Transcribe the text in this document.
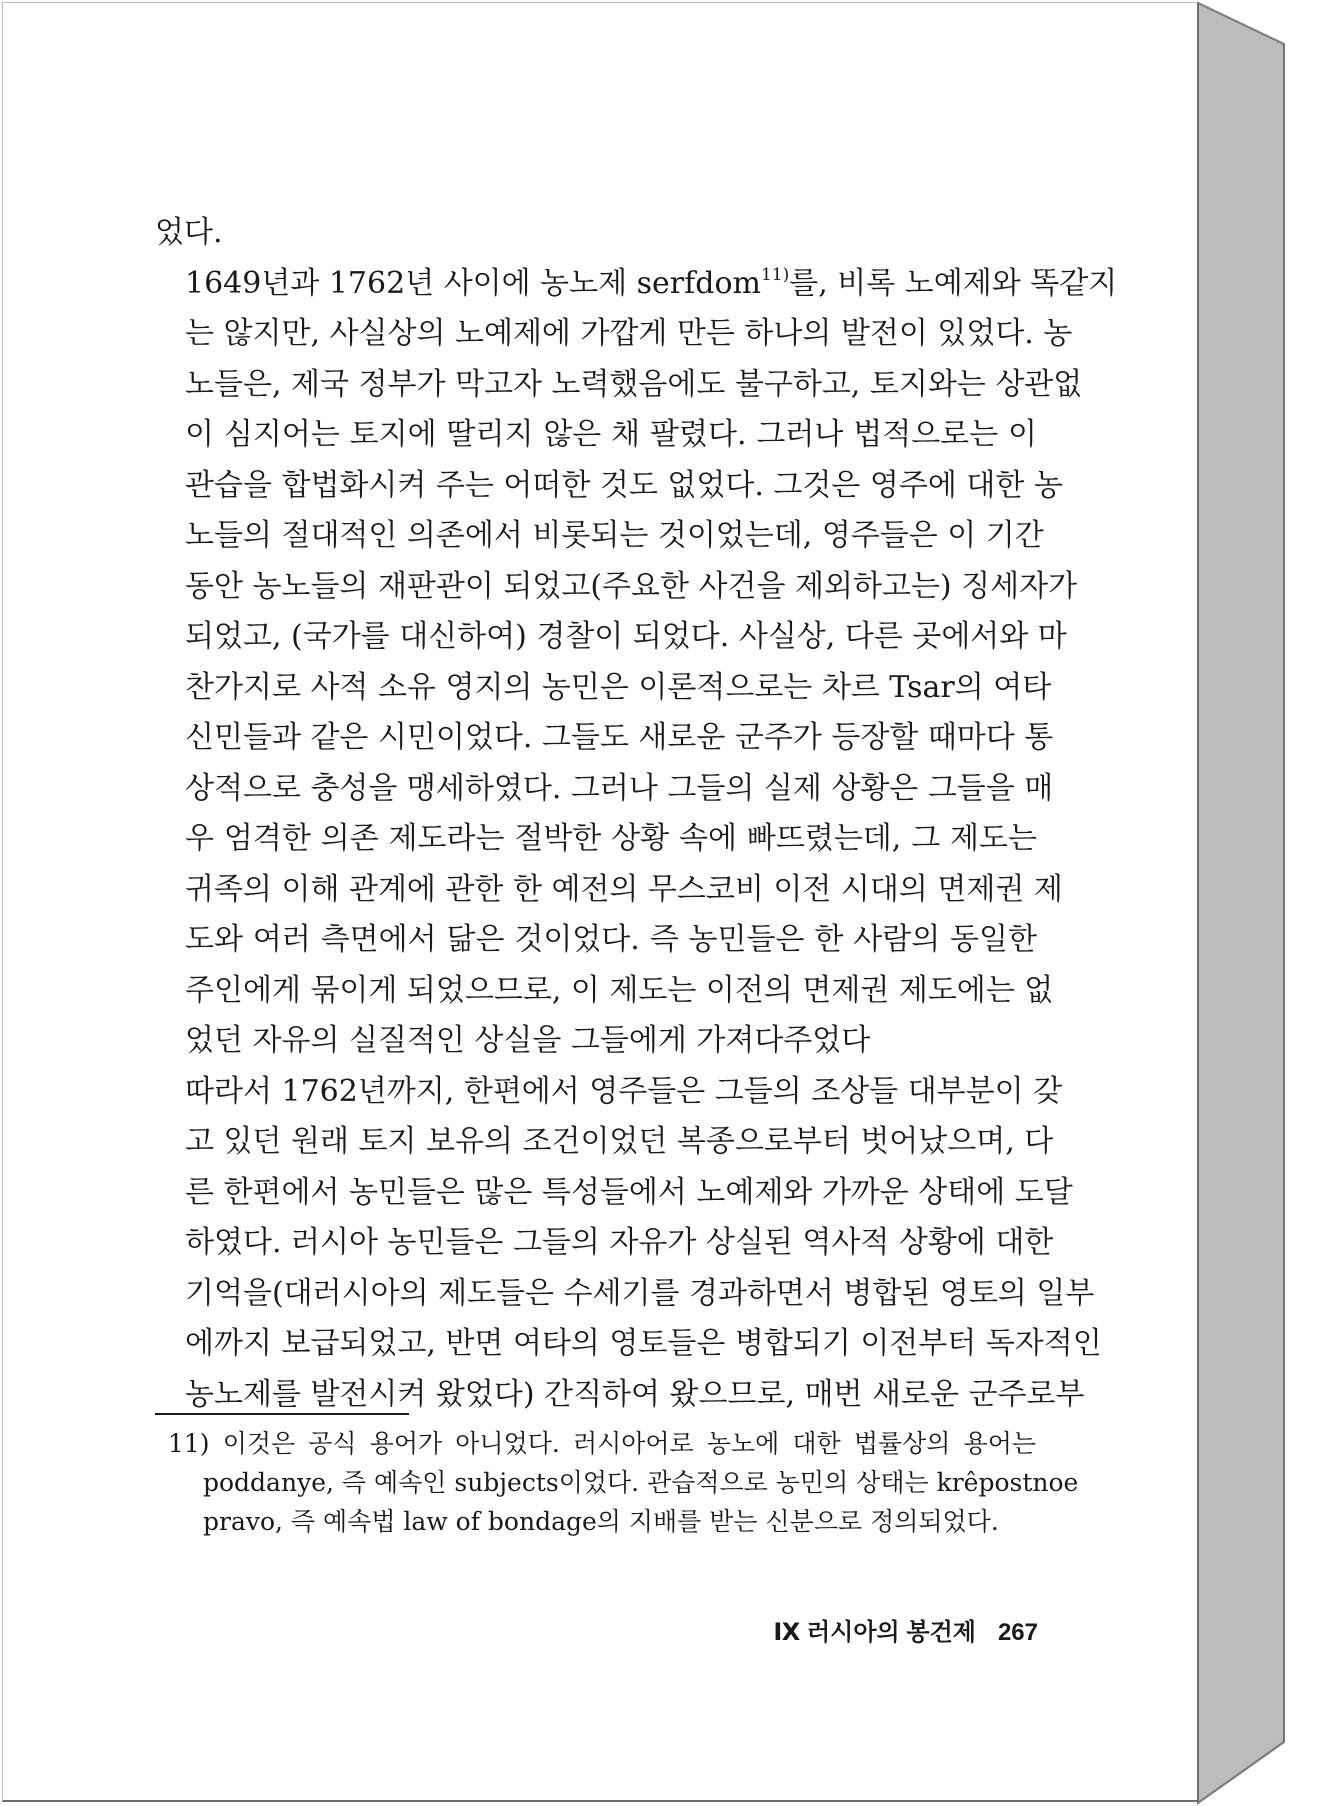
었다.

1649년과 1762년 사이에 농노제 serfdom$^{11)}$를, 비록 노예제와 똑같지
는 않지만, 사실상의 노예제에 가깝게 만든 하나의 발전이 있었다. 농
노들은, 제국 정부가 막고자 노력했음에도 불구하고, 토지와는 상관없
이 심지어는 토지에 딸리지 않은 채 팔렸다. 그러나 법적으로는 이
관습을 합법화시켜 주는 어떠한 것도 없었다. 그것은 영주에 대한 농
노들의 절대적인 의존에서 비롯되는 것이었는데, 영주들은 이 기간
동안 농노들의 재판관이 되었고(주요한 사건을 제외하고는) 징세자가
되었고, (국가를 대신하여) 경찰이 되었다. 사실상, 다른 곳에서와 마
찬가지로 사적 소유 영지의 농민은 이론적으로는 차르 Tsar의 여타
신민들과 같은 시민이었다. 그들도 새로운 군주가 등장할 때마다 통
상적으로 충성을 맹세하였다. 그러나 그들의 실제 상황은 그들을 매
우 엄격한 의존 제도라는 절박한 상황 속에 빠뜨렸는데, 그 제도는
귀족의 이해 관계에 관한 한 예전의 무스코비 이전 시대의 면제권 제
도와 여러 측면에서 닮은 것이었다. 즉 농민들은 한 사람의 동일한
주인에게 묶이게 되었으므로, 이 제도는 이전의 면제권 제도에는 없
었던 자유의 실질적인 상실을 그들에게 가져다주었다

따라서 1762년까지, 한편에서 영주들은 그들의 조상들 대부분이 갖
고 있던 원래 토지 보유의 조건이었던 복종으로부터 벗어났으며, 다
른 한편에서 농민들은 많은 특성들에서 노예제와 가까운 상태에 도달
하였다. 러시아 농민들은 그들의 자유가 상실된 역사적 상황에 대한
기억을(대러시아의 제도들은 수세기를 경과하면서 병합된 영토의 일부
에까지 보급되었고, 반면 여타의 영토들은 병합되기 이전부터 독자적인
농노제를 발전시켜 왔었다) 간직하여 왔으므로, 매번 새로운 군주로부

11) 이것은 공식 용어가 아니었다. 러시아어로 농노에 대한 법률상의 용어는
poddanye, 즉 예속인 subjects이었다. 관습적으로 농민의 상태는 krêpostnoe
pravo, 즉 예속법 law of bondage의 지배를 받는 신분으로 정의되었다.
Ⅸ 러시아의 봉건제 267
